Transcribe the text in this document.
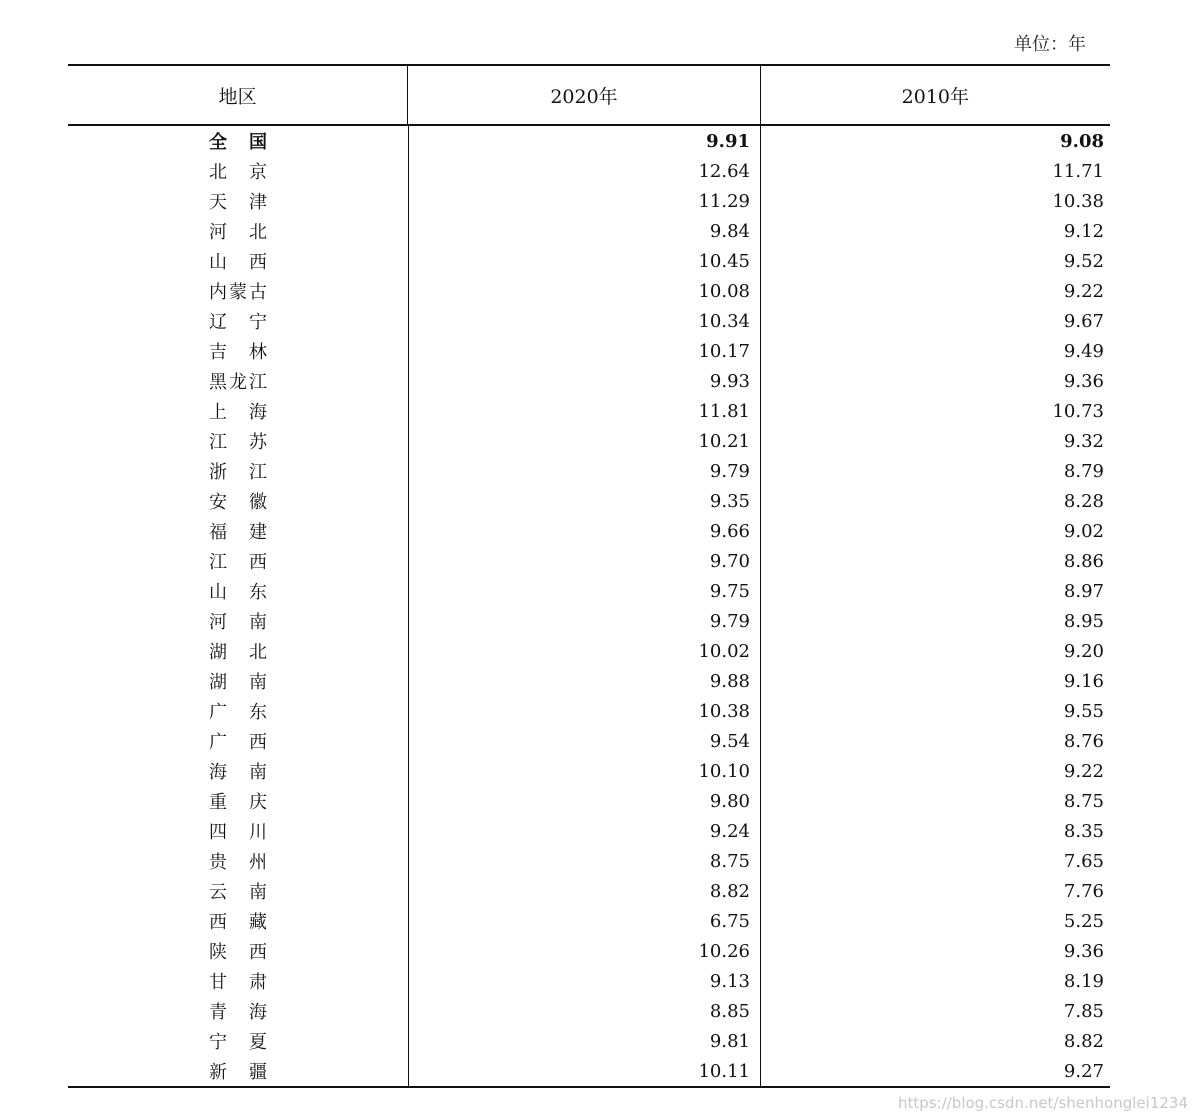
单位：年
地区	2020年	2010年
全国	9.91	9.08
北京	12.64	11.71
天津	11.29	10.38
河北	9.84	9.12
山西	10.45	9.52
内蒙古	10.08	9.22
辽宁	10.34	9.67
吉林	10.17	9.49
黑龙江	9.93	9.36
上海	11.81	10.73
江苏	10.21	9.32
浙江	9.79	8.79
安徽	9.35	8.28
福建	9.66	9.02
江西	9.70	8.86
山东	9.75	8.97
河南	9.79	8.95
湖北	10.02	9.20
湖南	9.88	9.16
广东	10.38	9.55
广西	9.54	8.76
海南	10.10	9.22
重庆	9.80	8.75
四川	9.24	8.35
贵州	8.75	7.65
云南	8.82	7.76
西藏	6.75	5.25
陕西	10.26	9.36
甘肃	9.13	8.19
青海	8.85	7.85
宁夏	9.81	8.82
新疆	10.11	9.27
https://blog.csdn.net/shenhonglei1234
